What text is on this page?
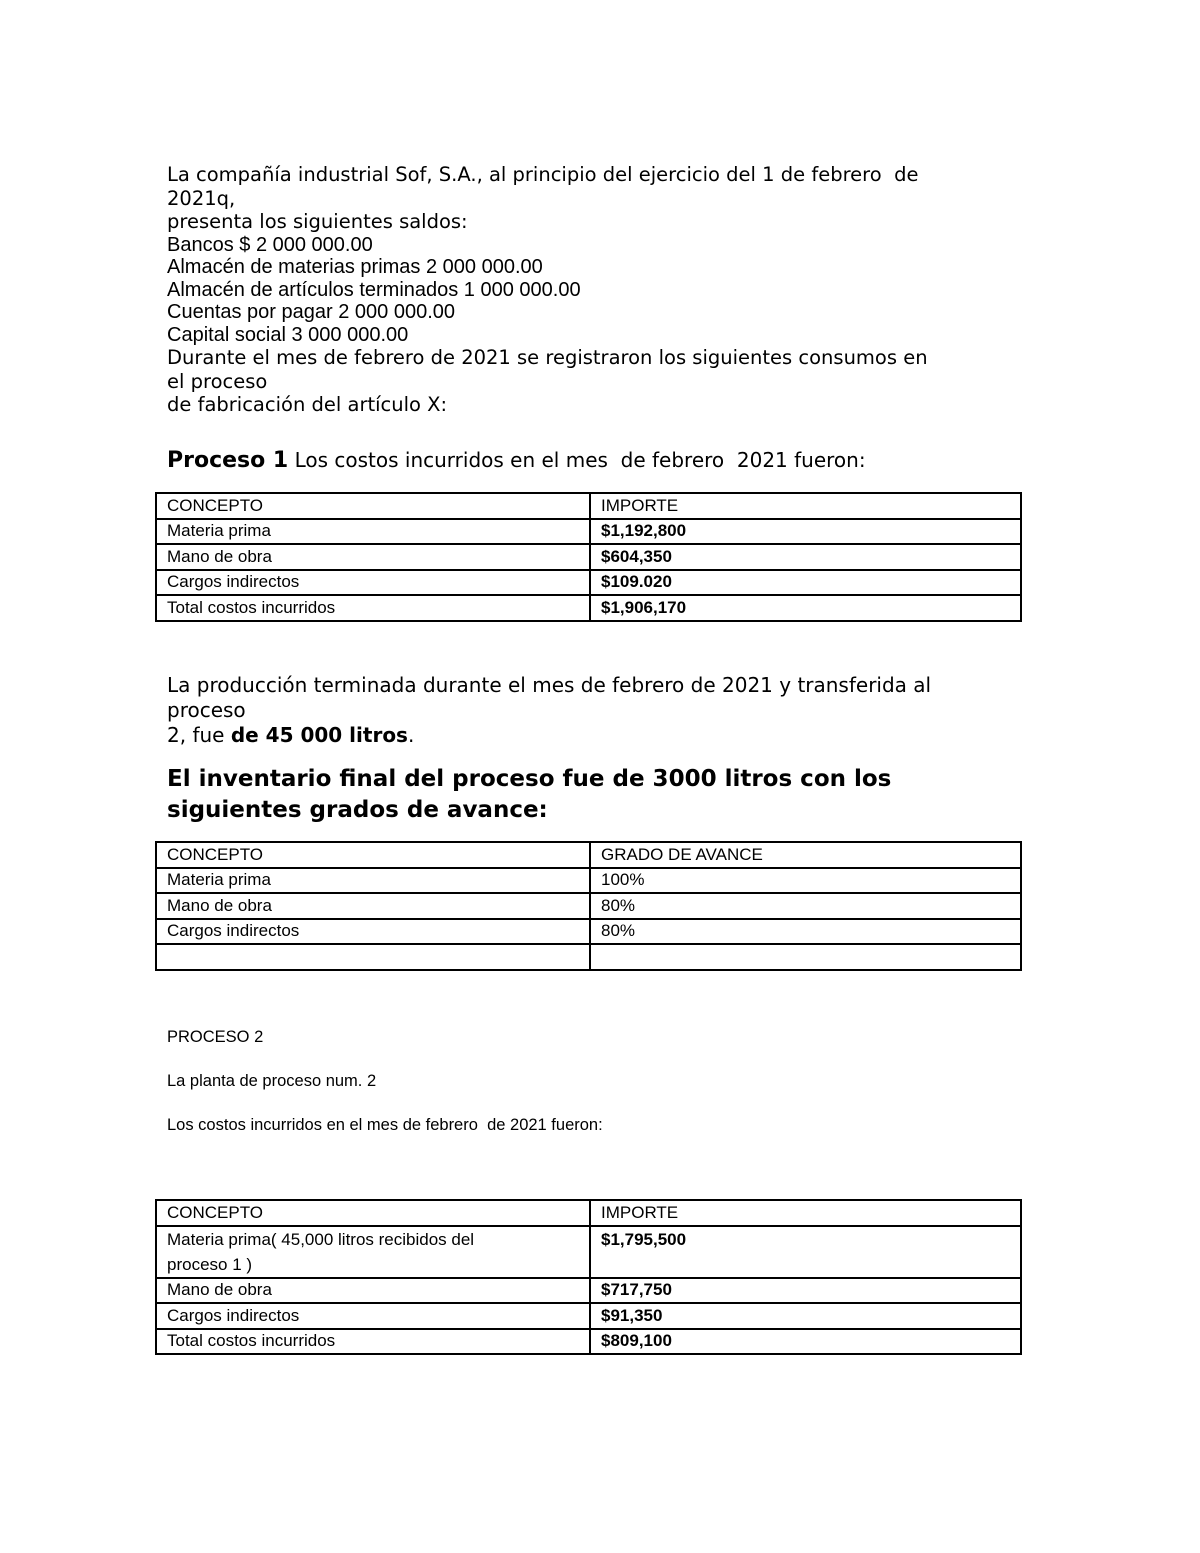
La compañía industrial Sof, S.A., al principio del ejercicio del 1 de febrero  de
2021q,
presenta los siguientes saldos:
Bancos $ 2 000 000.00
Almacén de materias primas 2 000 000.00
Almacén de artículos terminados 1 000 000.00
Cuentas por pagar 2 000 000.00
Capital social 3 000 000.00
Durante el mes de febrero de 2021 se registraron los siguientes consumos en
el proceso
de fabricación del artículo X:
Proceso 1 Los costos incurridos en el mes  de febrero  2021 fueron:
CONCEPTO	IMPORTE
Materia prima	$1,192,800
Mano de obra	$604,350
Cargos indirectos	$109.020
Total costos incurridos	$1,906,170
La producción terminada durante el mes de febrero de 2021 y transferida al
proceso
2, fue de 45 000 litros.
El inventario final del proceso fue de 3000 litros con los
siguientes grados de avance:
CONCEPTO	GRADO DE AVANCE
Materia prima	100%
Mano de obra	80%
Cargos indirectos	80%

PROCESO 2
La planta de proceso num. 2
Los costos incurridos en el mes de febrero  de 2021 fueron:
CONCEPTO	IMPORTE

Materia prima( 45,000 litros recibidos del
proceso 1 )	$1,795,500
Mano de obra	$717,750
Cargos indirectos	$91,350
Total costos incurridos	$809,100
